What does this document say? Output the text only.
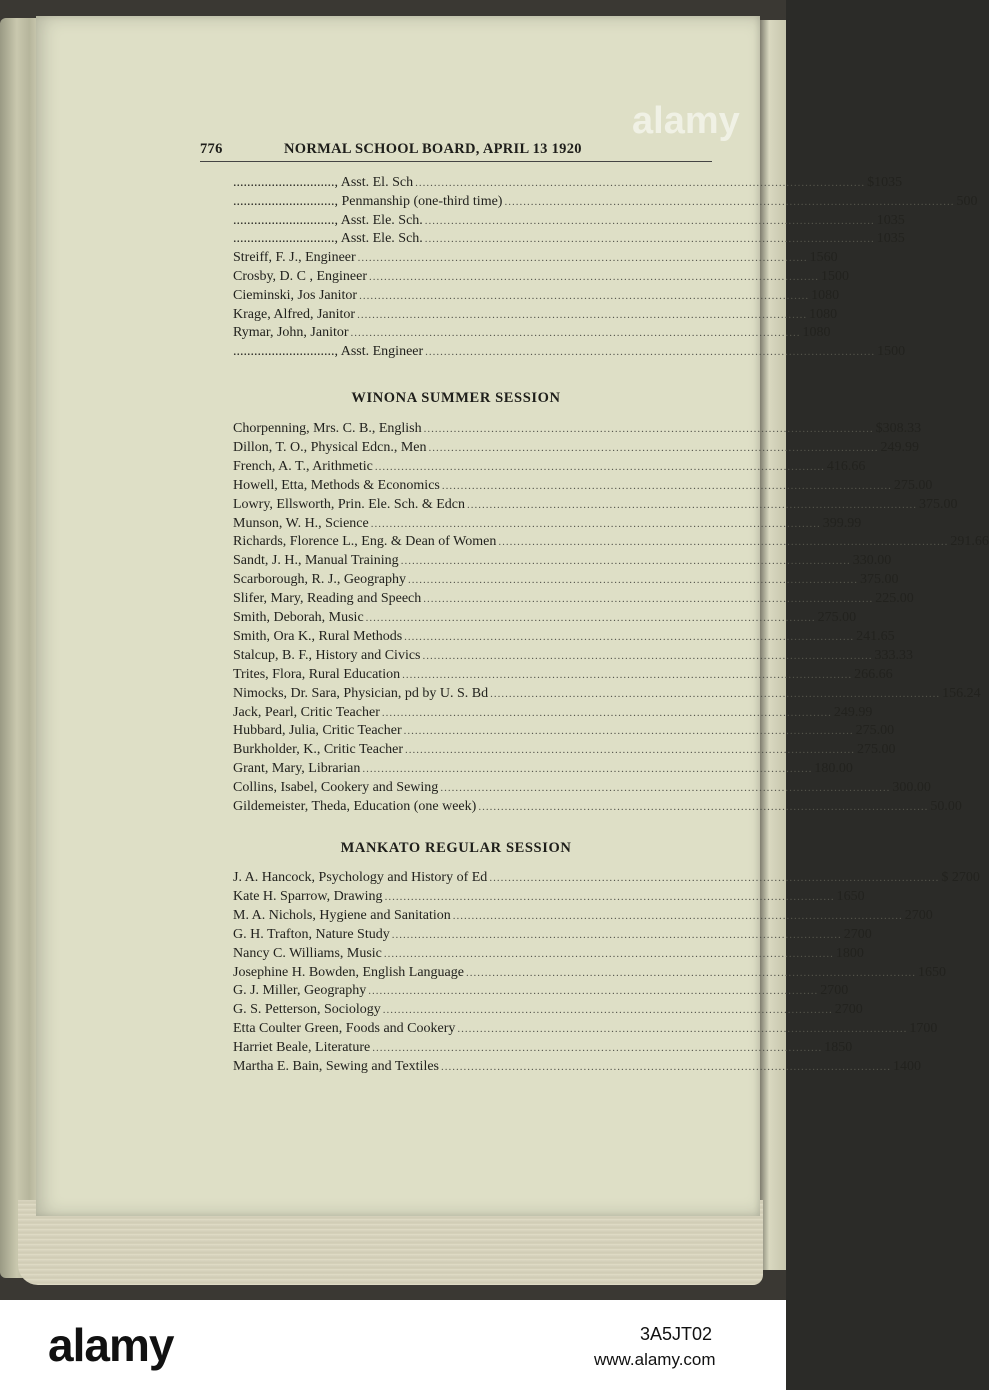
776	NORMAL SCHOOL BOARD, APRIL 13 1920
............................., Asst. El. Sch ........................................................................................................................ $1035
............................., Penmanship (one-third time) ........................................................................................................................ 500
............................., Asst. Ele. Sch. ........................................................................................................................ 1035
............................., Asst. Ele. Sch. ........................................................................................................................ 1035
Streiff, F. J., Engineer ........................................................................................................................ 1560
Crosby, D. C , Engineer ........................................................................................................................ 1500
Cieminski, Jos Janitor ........................................................................................................................ 1080
Krage, Alfred, Janitor ........................................................................................................................ 1080
Rymar, John, Janitor ........................................................................................................................ 1080
............................., Asst. Engineer ........................................................................................................................ 1500
WINONA SUMMER SESSION
Chorpenning, Mrs. C. B., English ........................................................................................................................ $308.33
Dillon, T. O., Physical Edcn., Men ........................................................................................................................ 249.99
French, A. T., Arithmetic ........................................................................................................................ 416.66
Howell, Etta, Methods & Economics ........................................................................................................................ 275.00
Lowry, Ellsworth, Prin. Ele. Sch. & Edcn ........................................................................................................................ 375.00
Munson, W. H., Science ........................................................................................................................ 399.99
Richards, Florence L., Eng. & Dean of Women ........................................................................................................................ 291.66
Sandt, J. H., Manual Training ........................................................................................................................ 330.00
Scarborough, R. J., Geography ........................................................................................................................ 375.00
Slifer, Mary, Reading and Speech ........................................................................................................................ 225.00
Smith, Deborah, Music ........................................................................................................................ 275.00
Smith, Ora K., Rural Methods ........................................................................................................................ 241.65
Stalcup, B. F., History and Civics ........................................................................................................................ 333.33
Trites, Flora, Rural Education ........................................................................................................................ 266.66
Nimocks, Dr. Sara, Physician, pd by U. S. Bd ........................................................................................................................ 156.24
Jack, Pearl, Critic Teacher ........................................................................................................................ 249.99
Hubbard, Julia, Critic Teacher ........................................................................................................................ 275.00
Burkholder, K., Critic Teacher ........................................................................................................................ 275.00
Grant, Mary, Librarian ........................................................................................................................ 180.00
Collins, Isabel, Cookery and Sewing ........................................................................................................................ 300.00
Gildemeister, Theda, Education (one week) ........................................................................................................................ 50.00
MANKATO REGULAR SESSION
J. A. Hancock, Psychology and History of Ed ........................................................................................................................ $ 2700
Kate H. Sparrow, Drawing ........................................................................................................................ 1650
M. A. Nichols, Hygiene and Sanitation ........................................................................................................................ 2700
G. H. Trafton, Nature Study ........................................................................................................................ 2700
Nancy C. Williams, Music ........................................................................................................................ 1800
Josephine H. Bowden, English Language ........................................................................................................................ 1650
G. J. Miller, Geography ........................................................................................................................ 2700
G. S. Petterson, Sociology ........................................................................................................................ 2700
Etta Coulter Green, Foods and Cookery ........................................................................................................................ 1700
Harriet Beale, Literature ........................................................................................................................ 1850
Martha E. Bain, Sewing and Textiles ........................................................................................................................ 1400
alamy
alamy	3A5JT02
www.alamy.com
